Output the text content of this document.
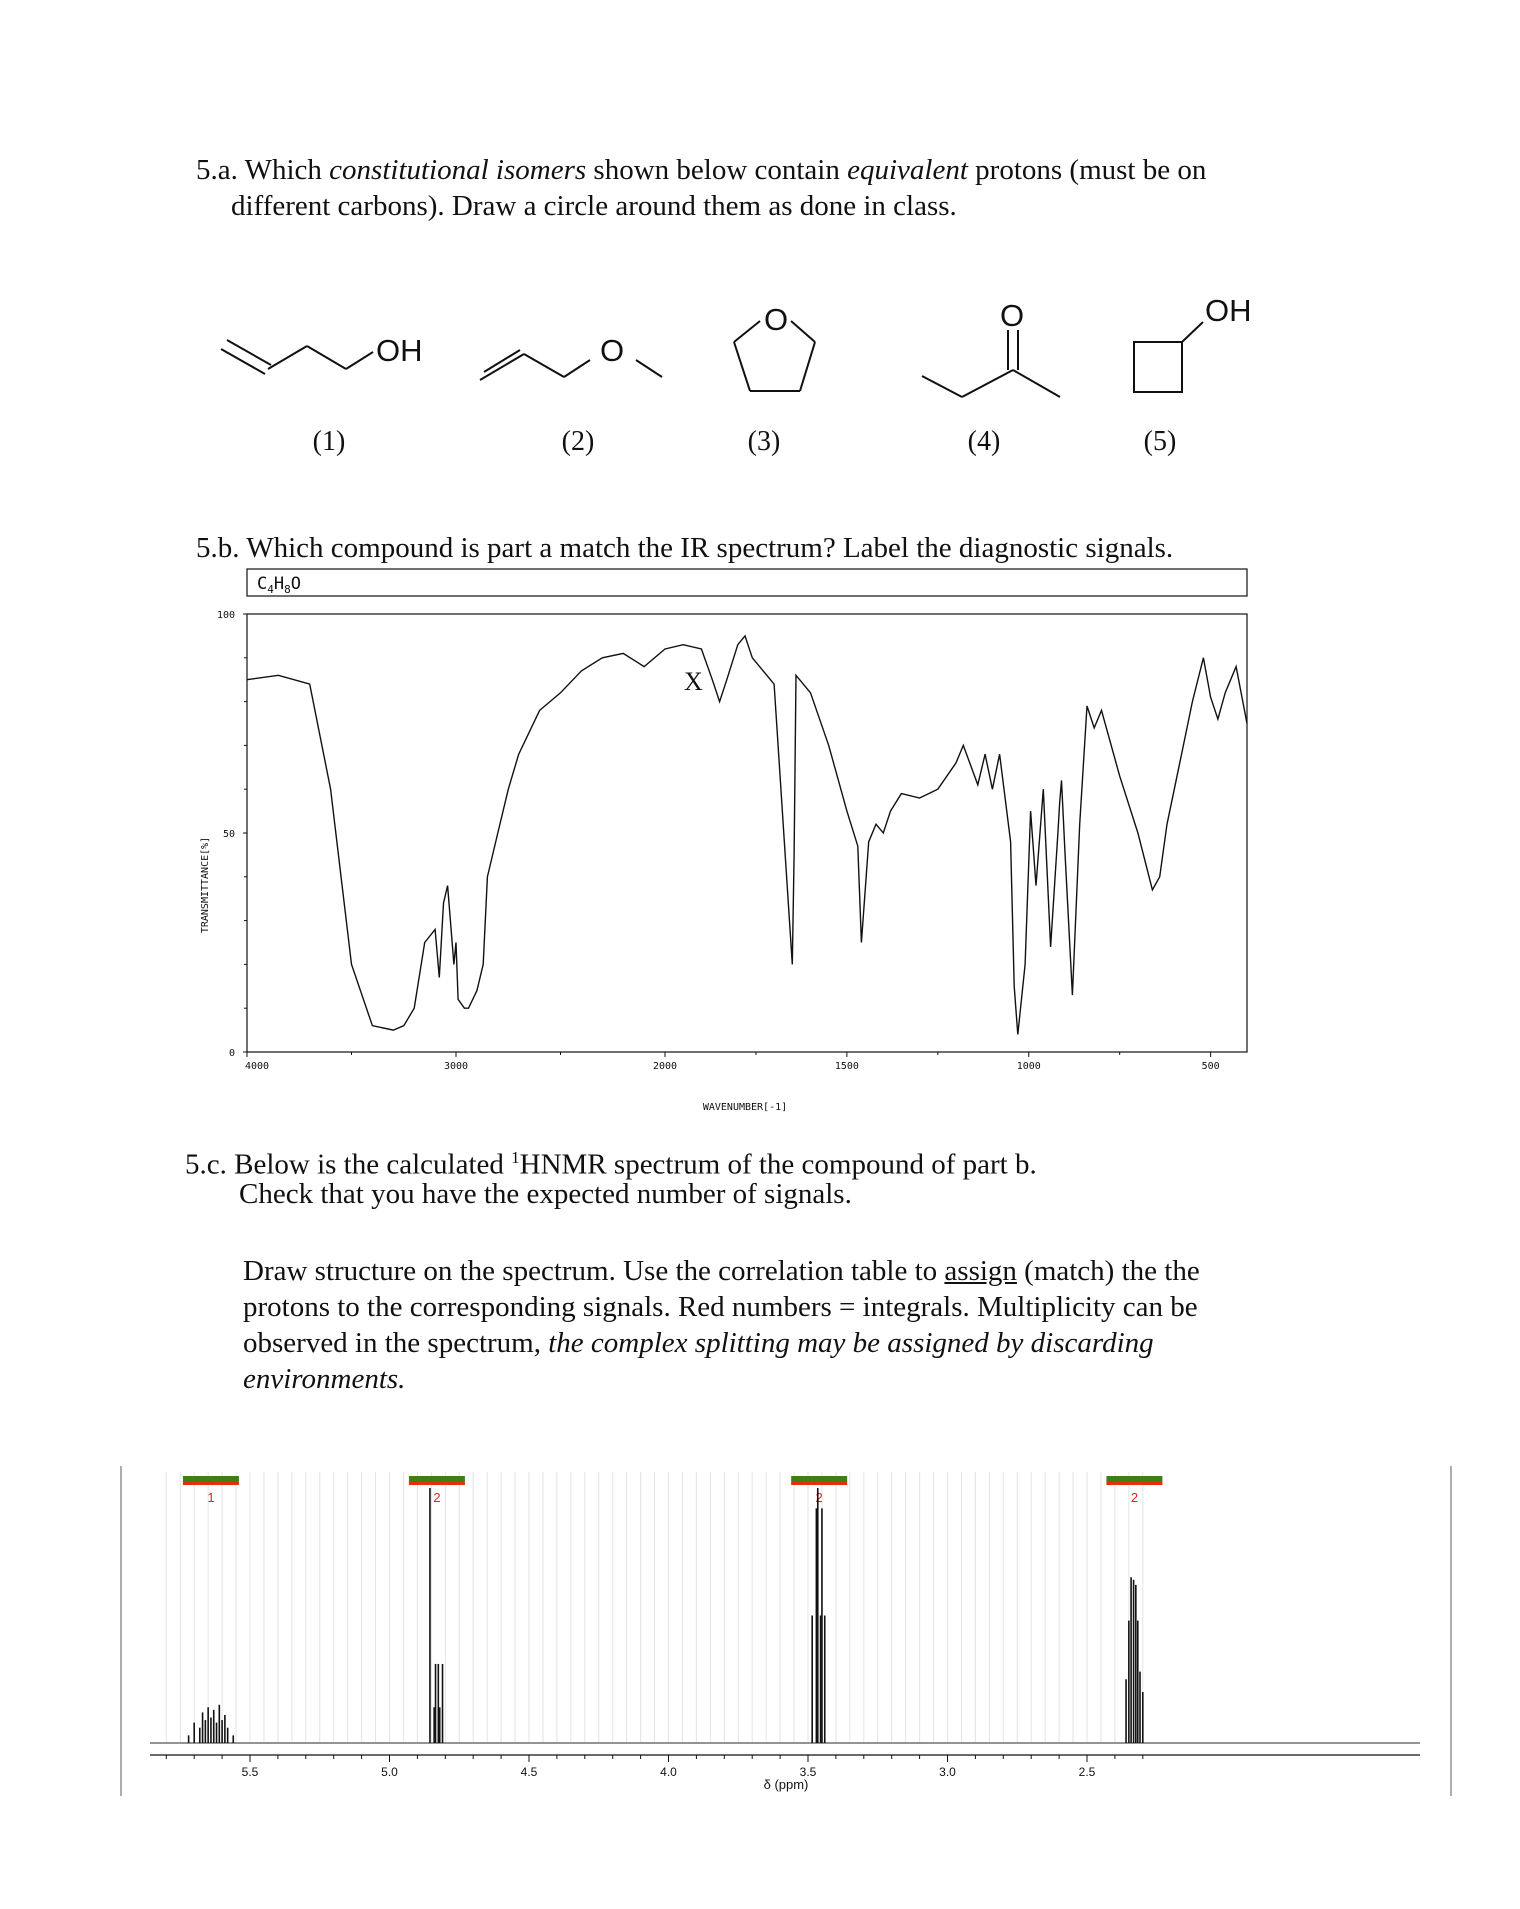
5.a. Which constitutional isomers shown below contain equivalent protons (must be on
different carbons). Draw a circle around them as done in class.
OH	O
O	O	OH
(1)	(2)	(3)	(4)	(5)
5.b. Which compound is part a match the IR spectrum? Label the diagnostic signals.
$C_4H_8O$
100
50
0
4000	3000	2000	1500	1000	500
TRANSMITTANCE[%]
WAVENUMBER[-1]
X
5.c. Below is the calculated $^1$HNMR spectrum of the compound of part b.
Check that you have the expected number of signals.
Draw structure on the spectrum. Use the correlation table to assign (match) the the
protons to the corresponding signals. Red numbers = integrals. Multiplicity can be
observed in the spectrum, the complex splitting may be assigned by discarding
environments.
1	2	2	2
5.5	5.0	4.5	4.0	3.5	3.0	2.5
δ (ppm)
